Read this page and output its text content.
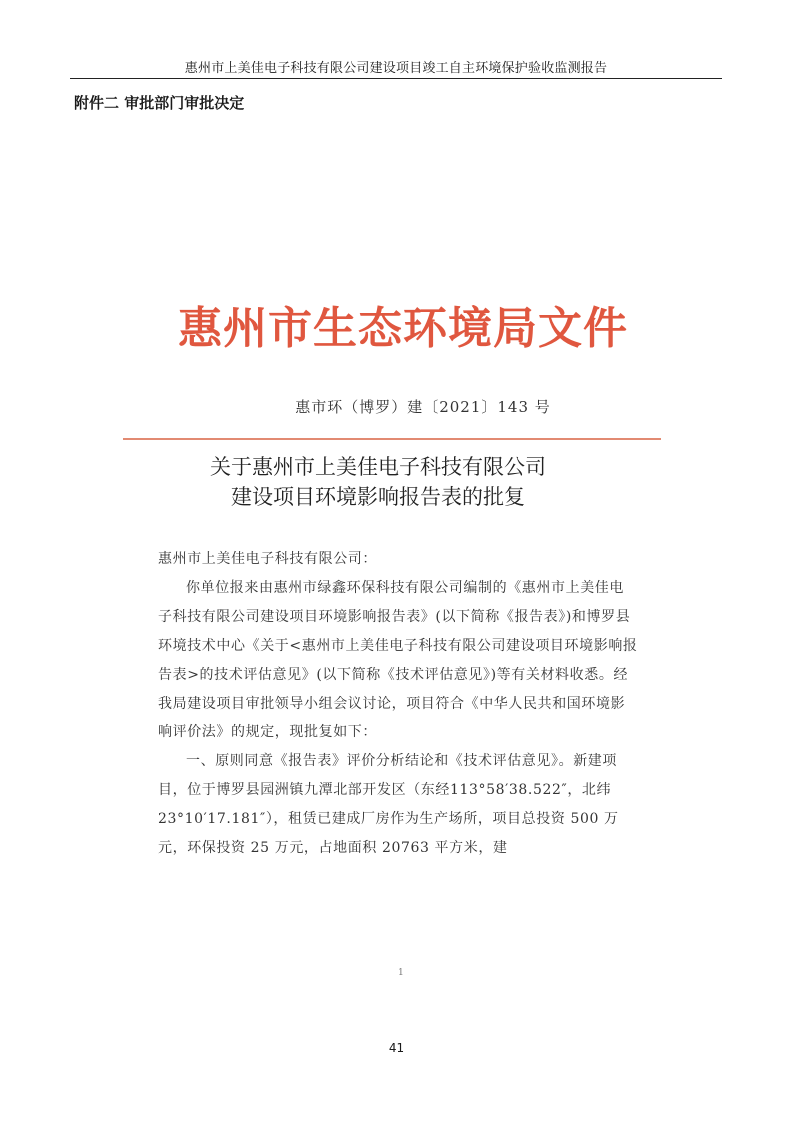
惠州市上美佳电子科技有限公司建设项目竣工自主环境保护验收监测报告
附件二 审批部门审批决定
惠州市生态环境局文件
惠市环（博罗）建〔2021〕143 号
关于惠州市上美佳电子科技有限公司
建设项目环境影响报告表的批复

惠州市上美佳电子科技有限公司：

你单位报来由惠州市绿鑫环保科技有限公司编制的《惠州市上美佳电子科技有限公司建设项目环境影响报告表》(以下简称《报告表》)和博罗县环境技术中心《关于<惠州市上美佳电子科技有限公司建设项目环境影响报告表>的技术评估意见》(以下简称《技术评估意见》)等有关材料收悉。经我局建设项目审批领导小组会议讨论，项目符合《中华人民共和国环境影响评价法》的规定，现批复如下：

一、原则同意《报告表》评价分析结论和《技术评估意见》。新建项目，位于博罗县园洲镇九潭北部开发区（东经113°58′38.522″，北纬23°10′17.181″），租赁已建成厂房作为生产场所，项目总投资 500 万元，环保投资 25 万元，占地面积 20763 平方米，建

1
41
